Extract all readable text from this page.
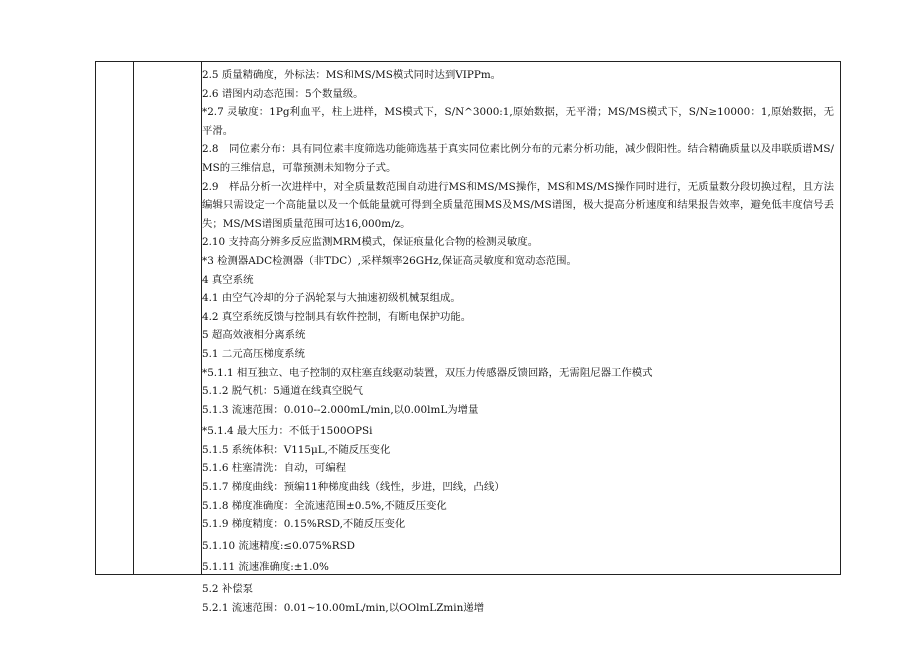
2.5 质量精确度，外标法：MS和MS/MS模式同时达到VIPPm。

2.6 谱图内动态范围：5个数量级。

*2.7 灵敏度：1Pg利血平，柱上进样，MS模式下，S/N^3000:1,原始数据，无平滑；MS/MS模式下，S/N≥10000：1,原始数据，无平滑。

2.8　同位素分布：具有同位素丰度筛选功能筛选基于真实同位素比例分布的元素分析功能，减少假阳性。结合精确质量以及串联质谱MS/MS的三维信息，可靠预测未知物分子式。

2.9　样品分析一次进样中，对全质量数范围自动进行MS和MS/MS操作，MS和MS/MS操作同时进行，无质量数分段切换过程，且方法编辑只需设定一个高能量以及一个低能量就可得到全质量范围MS及MS/MS谱图，极大提高分析速度和结果报告效率，避免低丰度信号丢失；MS/MS谱图质量范围可达16,000m/z。

2.10 支持高分辨多反应监测MRM模式，保证痕量化合物的检测灵敏度。

*3 检测器ADC检测器（非TDC）,采样频率26GHz,保证高灵敏度和宽动态范围。

4 真空系统

4.1 由空气冷却的分子涡轮泵与大抽速初级机械泵组成。

4.2 真空系统反馈与控制具有软件控制，有断电保护功能。

5 超高效液相分离系统

5.1 二元高压梯度系统

*5.1.1 相互独立、电子控制的双柱塞直线驱动装置，双压力传感器反馈回路，无需阻尼器工作模式

5.1.2 脱气机：5通道在线真空脱气

5.1.3 流速范围：0.010--2.000mL/min,以0.00lmL为增量

*5.1.4 最大压力：不低于1500OPSi

5.1.5 系统体积：V115μL,不随反压变化

5.1.6 柱塞清洗：自动，可编程

5.1.7 梯度曲线：预编11种梯度曲线（线性，步进，凹线，凸线）

5.1.8 梯度准确度：全流速范围±0.5%,不随反压变化

5.1.9 梯度精度：0.15%RSD,不随反压变化

5.1.10 流速精度:≤0.075%RSD

5.1.11 流速准确度:±1.0%

5.2 补偿泵

5.2.1 流速范围：0.01~10.00mL/min,以OOlmLZmin递增
